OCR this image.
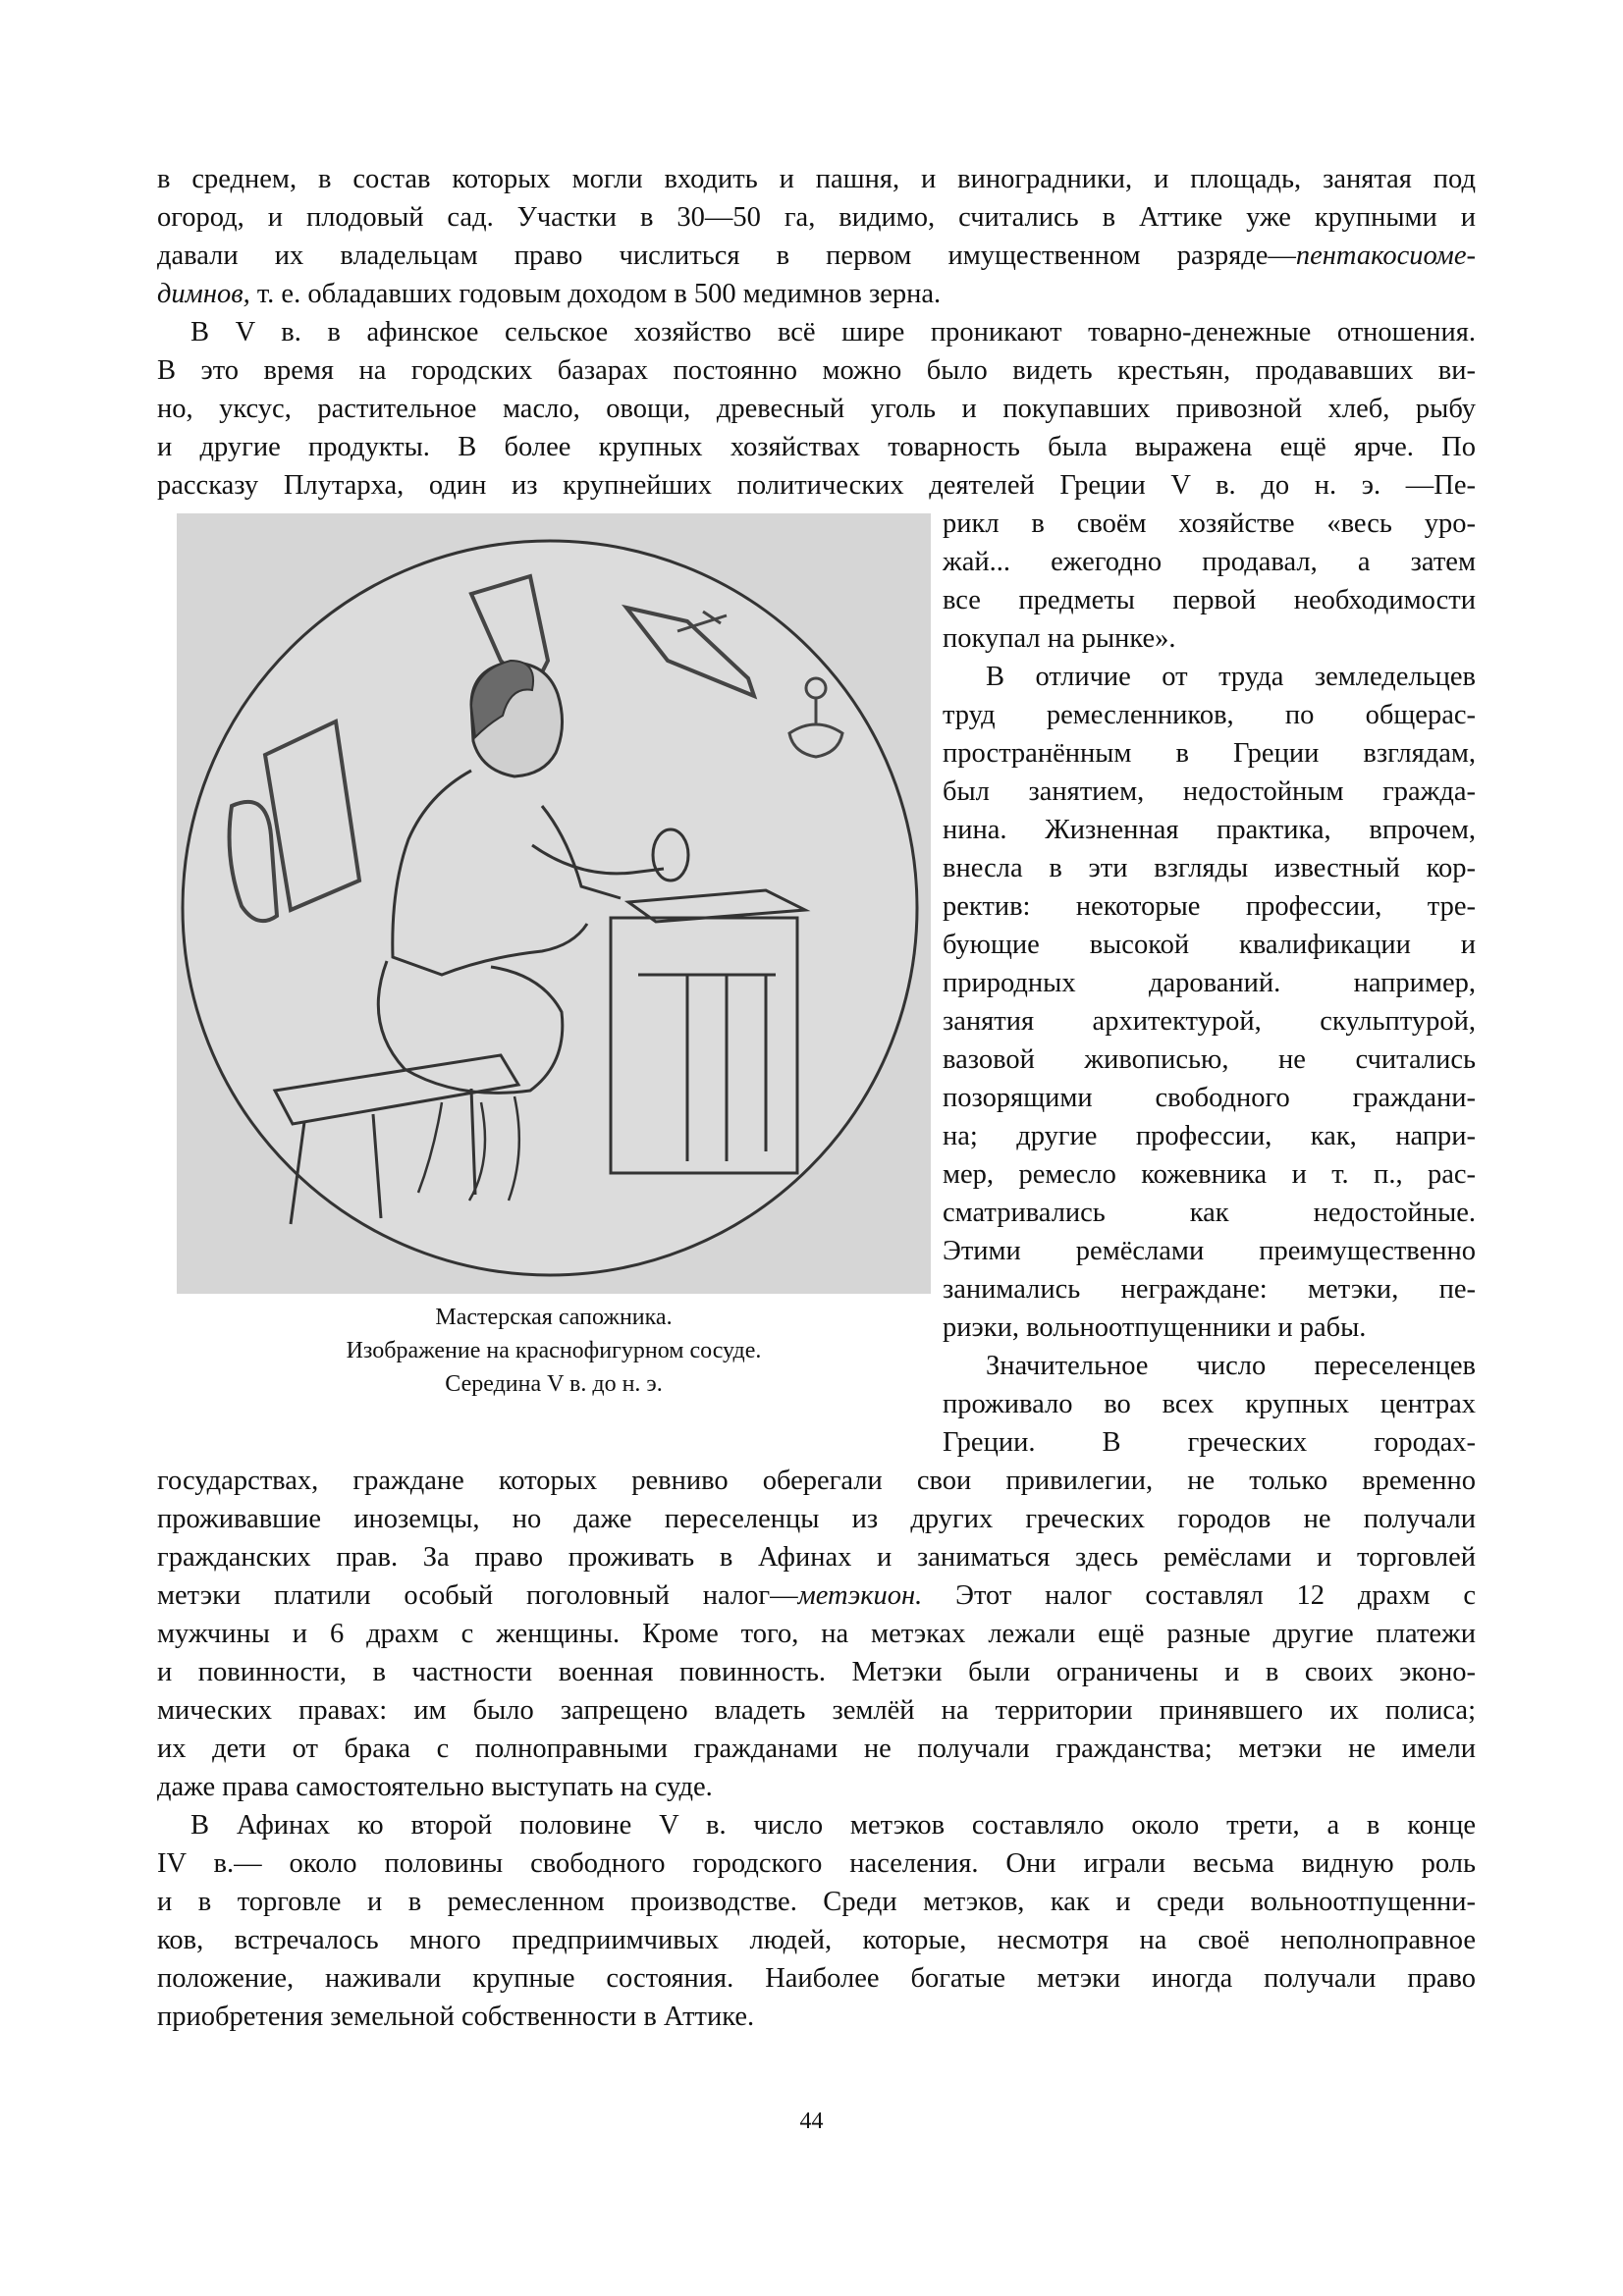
в среднем, в состав которых могли входить и пашня, и виноградники, и площадь, занятая под
огород, и плодовый сад. Участки в 30—50 га, видимо, считались в Аттике уже крупными и
давали их владельцам право числиться в первом имущественном разряде—пентакосиоме-
димнов, т. е. обладавших годовым доходом в 500 медимнов зерна.
В V в. в афинское сельское хозяйство всё шире проникают товарно-денежные отношения.
В это время на городских базарах постоянно можно было видеть крестьян, продававших ви-
но, уксус, растительное масло, овощи, древесный уголь и покупавших привозной хлеб, рыбу
и другие продукты. В более крупных хозяйствах товарность была выражена ещё ярче. По
рассказу Плутарха, один из крупнейших политических деятелей Греции V в. до н. э. —Пе-
рикл в своём хозяйстве «весь уро-
жай... ежегодно продавал, а затем
все предметы первой необходимости
покупал на рынке».
В отличие от труда земледельцев
труд ремесленников, по общерас-
пространённым в Греции взглядам,
был занятием, недостойным гражда-
нина. Жизненная практика, впрочем,
внесла в эти взгляды известный кор-
ректив: некоторые профессии, тре-
бующие высокой квалификации и
природных дарований. например,
занятия архитектурой, скульптурой,
вазовой живописью, не считались
позорящими свободного граждани-
на; другие профессии, как, напри-
мер, ремесло кожевника и т. п., рас-
сматривались как недостойные.
Этими ремёслами преимущественно
занимались неграждане: метэки, пе-
риэки, вольноотпущенники и рабы.
Значительное число переселенцев
проживало во всех крупных центрах
Греции. В греческих городах-
государствах, граждане которых ревниво оберегали свои привилегии, не только временно
проживавшие иноземцы, но даже переселенцы из других греческих городов не получали
гражданских прав. За право проживать в Афинах и заниматься здесь ремёслами и торговлей
метэки платили особый поголовный налог—метэкион. Этот налог составлял 12 драхм с
мужчины и 6 драхм с женщины. Кроме того, на метэках лежали ещё разные другие платежи
и повинности, в частности военная повинность. Метэки были ограничены и в своих эконо-
мических правах: им было запрещено владеть землёй на территории принявшего их полиса;
их дети от брака с полноправными гражданами не получали гражданства; метэки не имели
даже права самостоятельно выступать на суде.
В Афинах ко второй половине V в. число метэков составляло около трети, а в конце
IV в.— около половины свободного городского населения. Они играли весьма видную роль
и в торговле и в ремесленном производстве. Среди метэков, как и среди вольноотпущенни-
ков, встречалось много предприимчивых людей, которые, несмотря на своё неполноправное
положение, наживали крупные состояния. Наиболее богатые метэки иногда получали право
приобретения земельной собственности в Аттике.
Мастерская сапожника.
Изображение на краснофигурном сосуде.
Середина V в. до н. э.
44
